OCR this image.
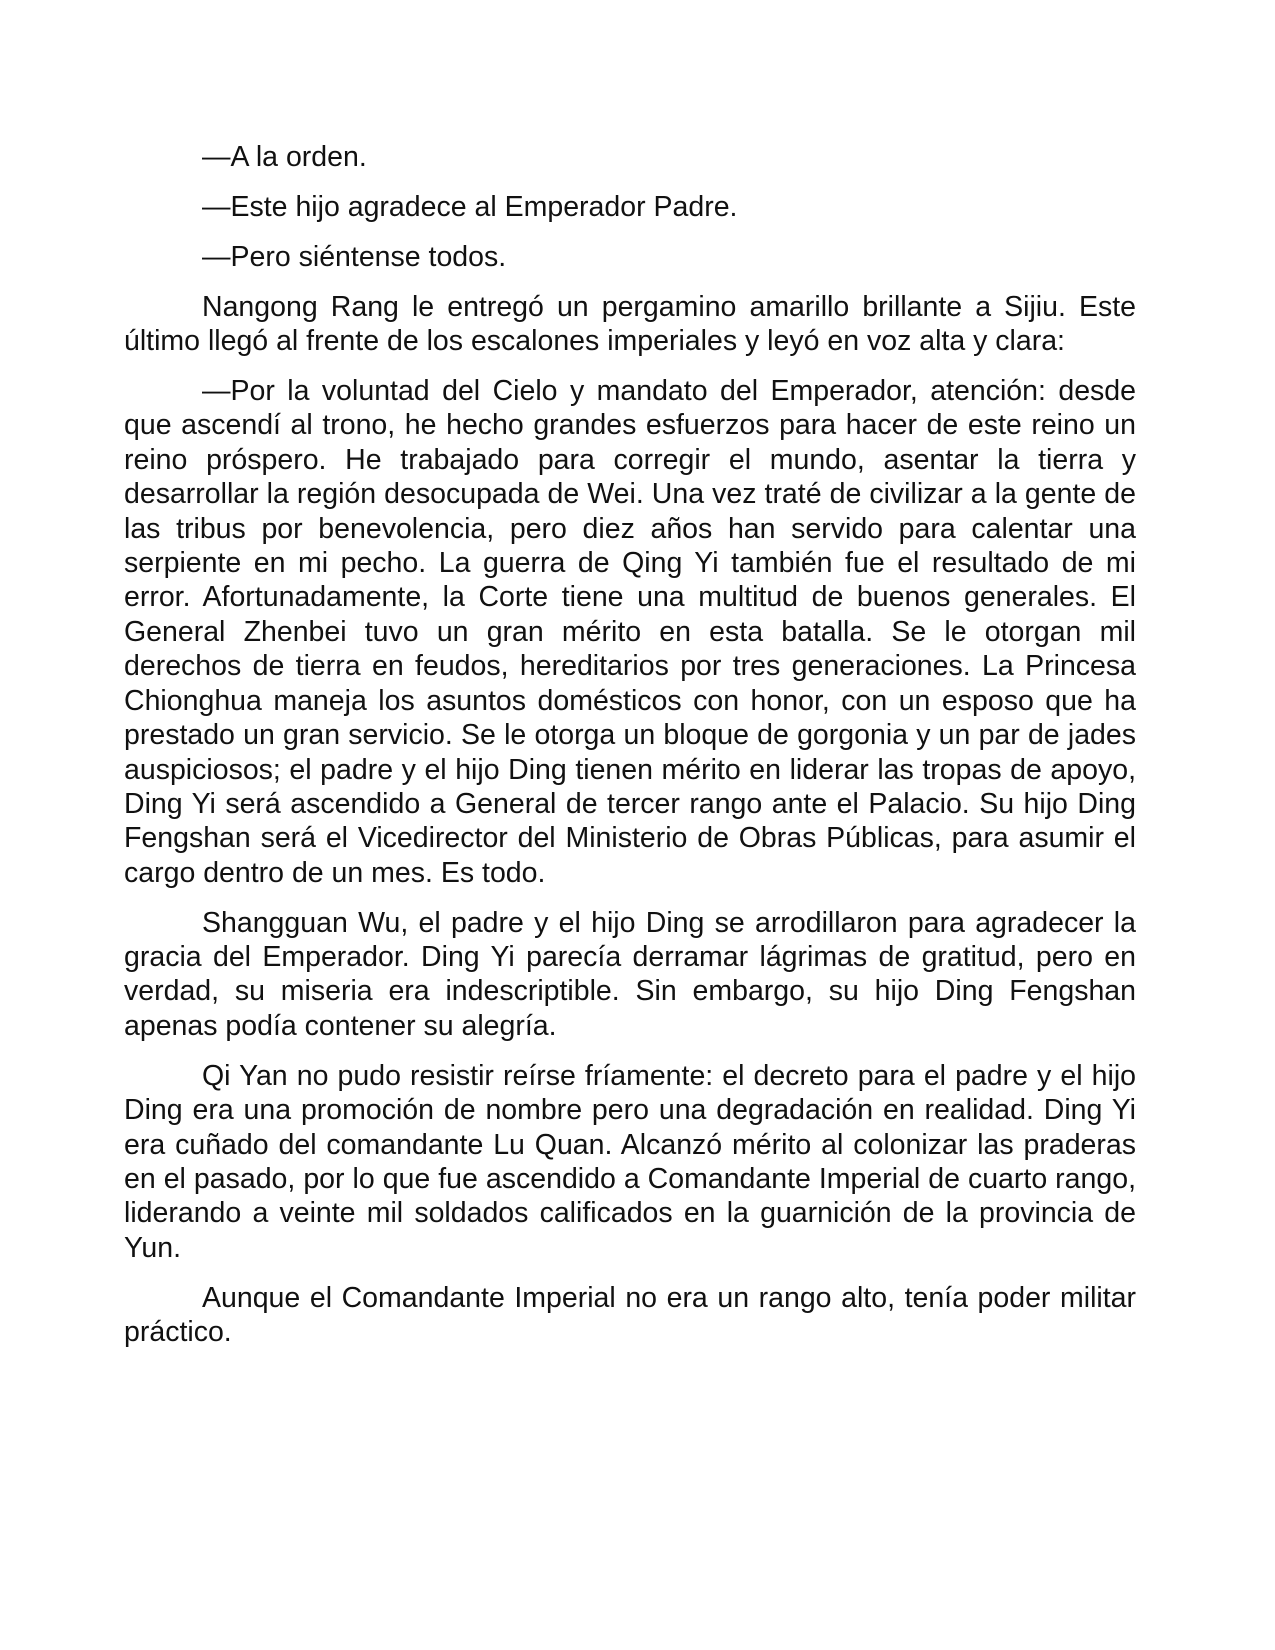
—A la orden.

—Este hijo agradece al Emperador Padre.

—Pero siéntense todos.

Nangong Rang le entregó un pergamino amarillo brillante a Sijiu. Este último llegó al frente de los escalones imperiales y leyó en voz alta y clara:

—Por la voluntad del Cielo y mandato del Emperador, atención: desde que ascendí al trono, he hecho grandes esfuerzos para hacer de este reino un reino próspero. He trabajado para corregir el mundo, asentar la tierra y desarrollar la región desocupada de Wei. Una vez traté de civilizar a la gente de las tribus por benevolencia, pero diez años han servido para calentar una serpiente en mi pecho. La guerra de Qing Yi también fue el resultado de mi error. Afortunadamente, la Corte tiene una multitud de buenos generales. El General Zhenbei tuvo un gran mérito en esta batalla. Se le otorgan mil derechos de tierra en feudos, hereditarios por tres generaciones. La Princesa Chionghua maneja los asuntos domésticos con honor, con un esposo que ha prestado un gran servicio. Se le otorga un bloque de gorgonia y un par de jades auspiciosos; el padre y el hijo Ding tienen mérito en liderar las tropas de apoyo, Ding Yi será ascendido a General de tercer rango ante el Palacio. Su hijo Ding Fengshan será el Vicedirector del Ministerio de Obras Públicas, para asumir el cargo dentro de un mes. Es todo.

Shangguan Wu, el padre y el hijo Ding se arrodillaron para agradecer la gracia del Emperador. Ding Yi parecía derramar lágrimas de gratitud, pero en verdad, su miseria era indescriptible. Sin embargo, su hijo Ding Fengshan apenas podía contener su alegría.

Qi Yan no pudo resistir reírse fríamente: el decreto para el padre y el hijo Ding era una promoción de nombre pero una degradación en realidad. Ding Yi era cuñado del comandante Lu Quan. Alcanzó mérito al colonizar las praderas en el pasado, por lo que fue ascendido a Comandante Imperial de cuarto rango, liderando a veinte mil soldados calificados en la guarnición de la provincia de Yun.

Aunque el Comandante Imperial no era un rango alto, tenía poder militar práctico.
